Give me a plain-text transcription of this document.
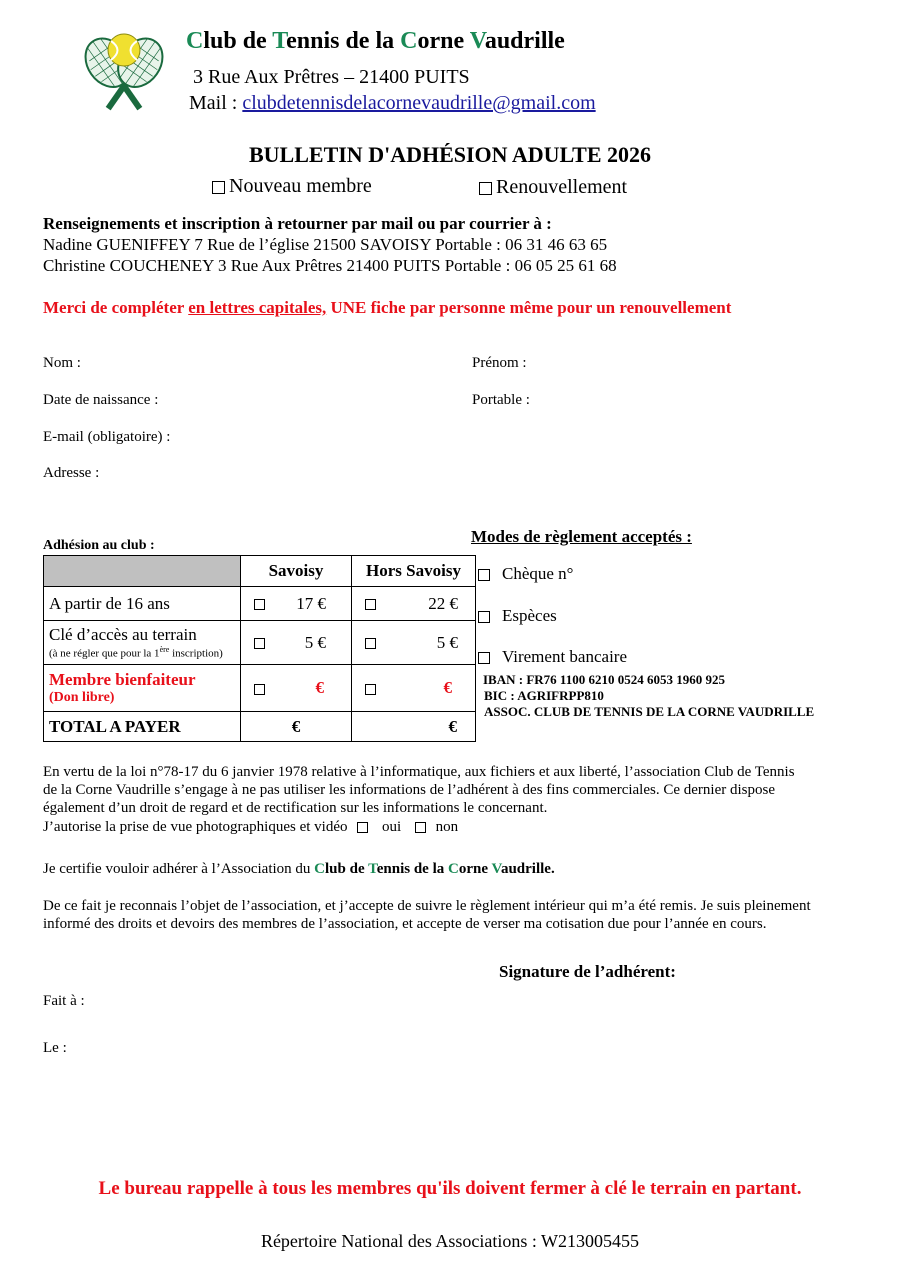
Club de Tennis de la Corne Vaudrille
3 Rue Aux Prêtres – 21400 PUITS
Mail : clubdetennisdelacornevaudrille@gmail.com
BULLETIN D'ADHÉSION ADULTE 2026
Nouveau membre	Renouvellement
Renseignements et inscription à retourner par mail ou par courrier à :
Nadine GUENIFFEY 7 Rue de l’église 21500 SAVOISY Portable : 06 31 46 63 65
Christine COUCHENEY 3 Rue Aux Prêtres 21400 PUITS Portable : 06 05 25 61 68
Merci de compléter en lettres capitales, UNE fiche par personne même pour un renouvellement
Nom :	Prénom :
Date de naissance :	Portable :
E-mail (obligatoire) :
Adresse :
Adhésion au club :
	Savoisy	Hors Savoisy
A partir de 16 ans	17 €	22 €

Clé d’accès au terrain
(à ne régler que pour la 1ère inscription)	5 €	5 €

Membre bienfaiteur
(Don libre)	€	€

TOTAL A PAYER	€	€
Modes de règlement acceptés :
Chèque n°
Espèces
Virement bancaire
IBAN : FR76 1100 6210 0524 6053 1960 925
BIC : AGRIFRPP810
ASSOC. CLUB DE TENNIS DE LA CORNE VAUDRILLE
En vertu de la loi n°78-17 du 6 janvier 1978 relative à l’informatique, aux fichiers et aux liberté, l’association Club de Tennis
de la Corne Vaudrille s’engage à ne pas utiliser les informations de l’adhérent à des fins commerciales. Ce dernier dispose
également d’un droit de regard et de rectification sur les informations le concernant.
J’autorise la prise de vue photographiques et vidéo oui non
Je certifie vouloir adhérer à l’Association du Club de Tennis de la Corne Vaudrille.
De ce fait je reconnais l’objet de l’association, et j’accepte de suivre le règlement intérieur qui m’a été remis. Je suis pleinement
informé des droits et devoirs des membres de l’association, et accepte de verser ma cotisation due pour l’année en cours.
Signature de l’adhérent:
Fait à :
Le :
Le bureau rappelle à tous les membres qu'ils doivent fermer à clé le terrain en partant.
Répertoire National des Associations : W213005455
